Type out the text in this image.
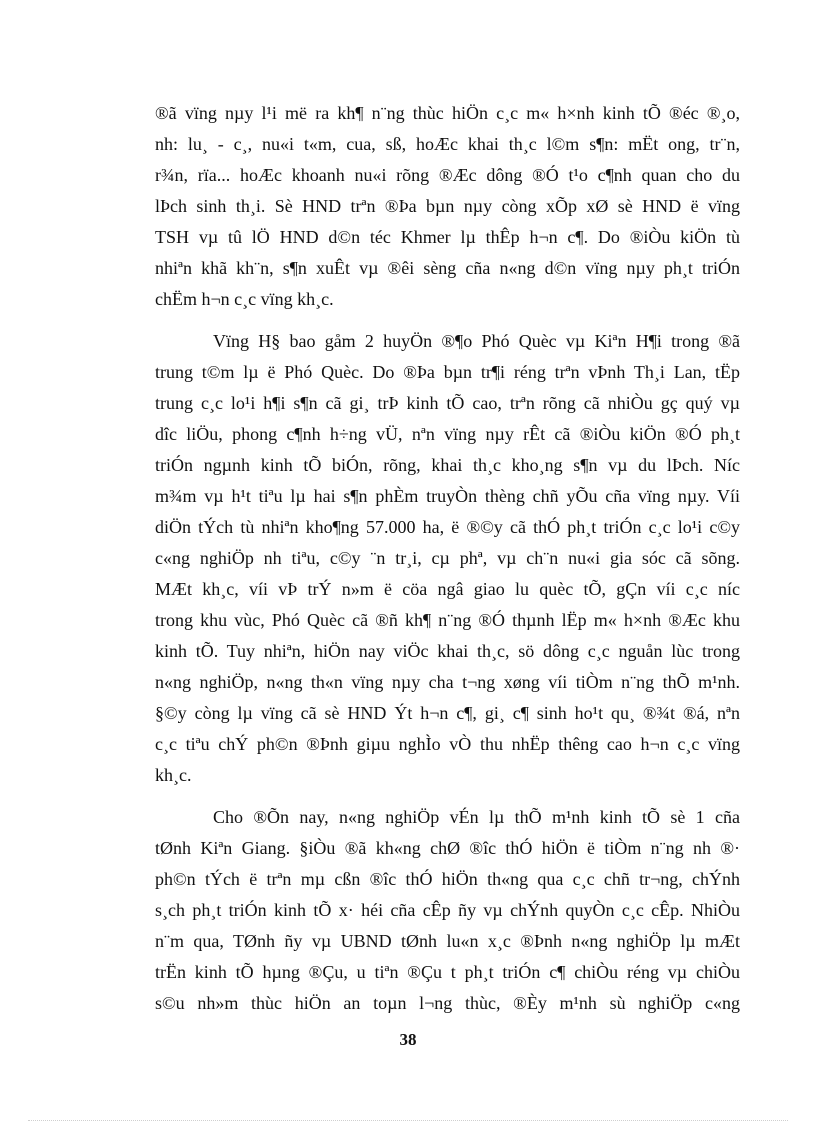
®ã vïng nµy l¹i më ra kh¶ n¨ng thùc hiÖn c¸c m« h×nh kinh tÕ ®éc ®¸o,
nh: lu¸ - c¸, nu«i t«m, cua, sß, hoÆc khai th¸c l©m s¶n: mËt ong, tr¨n,
r¾n, rïa... hoÆc khoanh nu«i rõng ®Æc dông ®Ó t¹o c¶nh quan cho du
lÞch sinh th¸i. Sè HND trªn ®Þa bµn nµy còng xÕp xØ sè HND ë vïng
TSH vµ tû lÖ HND d©n téc Khmer lµ thÊp h¬n c¶. Do ®iÒu kiÖn tù
nhiªn khã kh¨n, s¶n xuÊt vµ ®êi sèng cña n«ng d©n vïng nµy ph¸t triÓn
chËm h¬n c¸c vïng kh¸c.
Vïng H§ bao gåm 2 huyÖn ®¶o Phó Quèc vµ Kiªn H¶i trong ®ã
trung t©m lµ ë Phó Quèc. Do ®Þa bµn tr¶i réng trªn vÞnh Th¸i Lan, tËp
trung c¸c lo¹i h¶i s¶n cã gi¸ trÞ kinh tÕ cao, trªn rõng cã nhiÒu gç quý vµ
dîc liÖu, phong c¶nh h÷ng vÜ, nªn vïng nµy rÊt cã ®iÒu kiÖn ®Ó ph¸t
triÓn ngµnh kinh tÕ biÓn, rõng, khai th¸c kho¸ng s¶n vµ du lÞch. Níc
m¾m vµ h¹t tiªu lµ hai s¶n phÈm truyÒn thèng chñ yÕu cña vïng nµy. Víi
diÖn tÝch tù nhiªn kho¶ng 57.000 ha, ë ®©y cã thÓ ph¸t triÓn c¸c lo¹i c©y
c«ng nghiÖp nh tiªu, c©y ¨n tr¸i, cµ phª, vµ ch¨n nu«i gia sóc cã sõng.
MÆt kh¸c, víi vÞ trÝ n»m ë cöa ngâ giao lu quèc tÕ, gÇn víi c¸c níc
trong khu vùc, Phó Quèc cã ®ñ kh¶ n¨ng ®Ó thµnh lËp m« h×nh ®Æc khu
kinh tÕ. Tuy nhiªn, hiÖn nay viÖc khai th¸c, sö dông c¸c nguån lùc trong
n«ng nghiÖp, n«ng th«n vïng nµy cha t¬ng xøng víi tiÒm n¨ng thÕ m¹nh.
§©y còng lµ vïng cã sè HND Ýt h¬n c¶, gi¸ c¶ sinh ho¹t qu¸ ®¾t ®á, nªn
c¸c tiªu chÝ ph©n ®Þnh giµu nghÌo vÒ thu nhËp thêng cao h¬n c¸c vïng
kh¸c.
Cho ®Õn nay, n«ng nghiÖp vÉn lµ thÕ m¹nh kinh tÕ sè 1 cña
tØnh Kiªn Giang. §iÒu ®ã kh«ng chØ ®îc thÓ hiÖn ë tiÒm n¨ng nh ®·
ph©n tÝch ë trªn mµ cßn ®îc thÓ hiÖn th«ng qua c¸c chñ tr¬ng, chÝnh
s¸ch ph¸t triÓn kinh tÕ x· héi cña cÊp ñy vµ chÝnh quyÒn c¸c cÊp. NhiÒu
n¨m qua, TØnh ñy vµ UBND tØnh lu«n x¸c ®Þnh n«ng nghiÖp lµ mÆt
trËn kinh tÕ hµng ®Çu, u tiªn ®Çu t ph¸t triÓn c¶ chiÒu réng vµ chiÒu
s©u nh»m thùc hiÖn an toµn l¬ng thùc, ®Èy m¹nh sù nghiÖp c«ng
38
